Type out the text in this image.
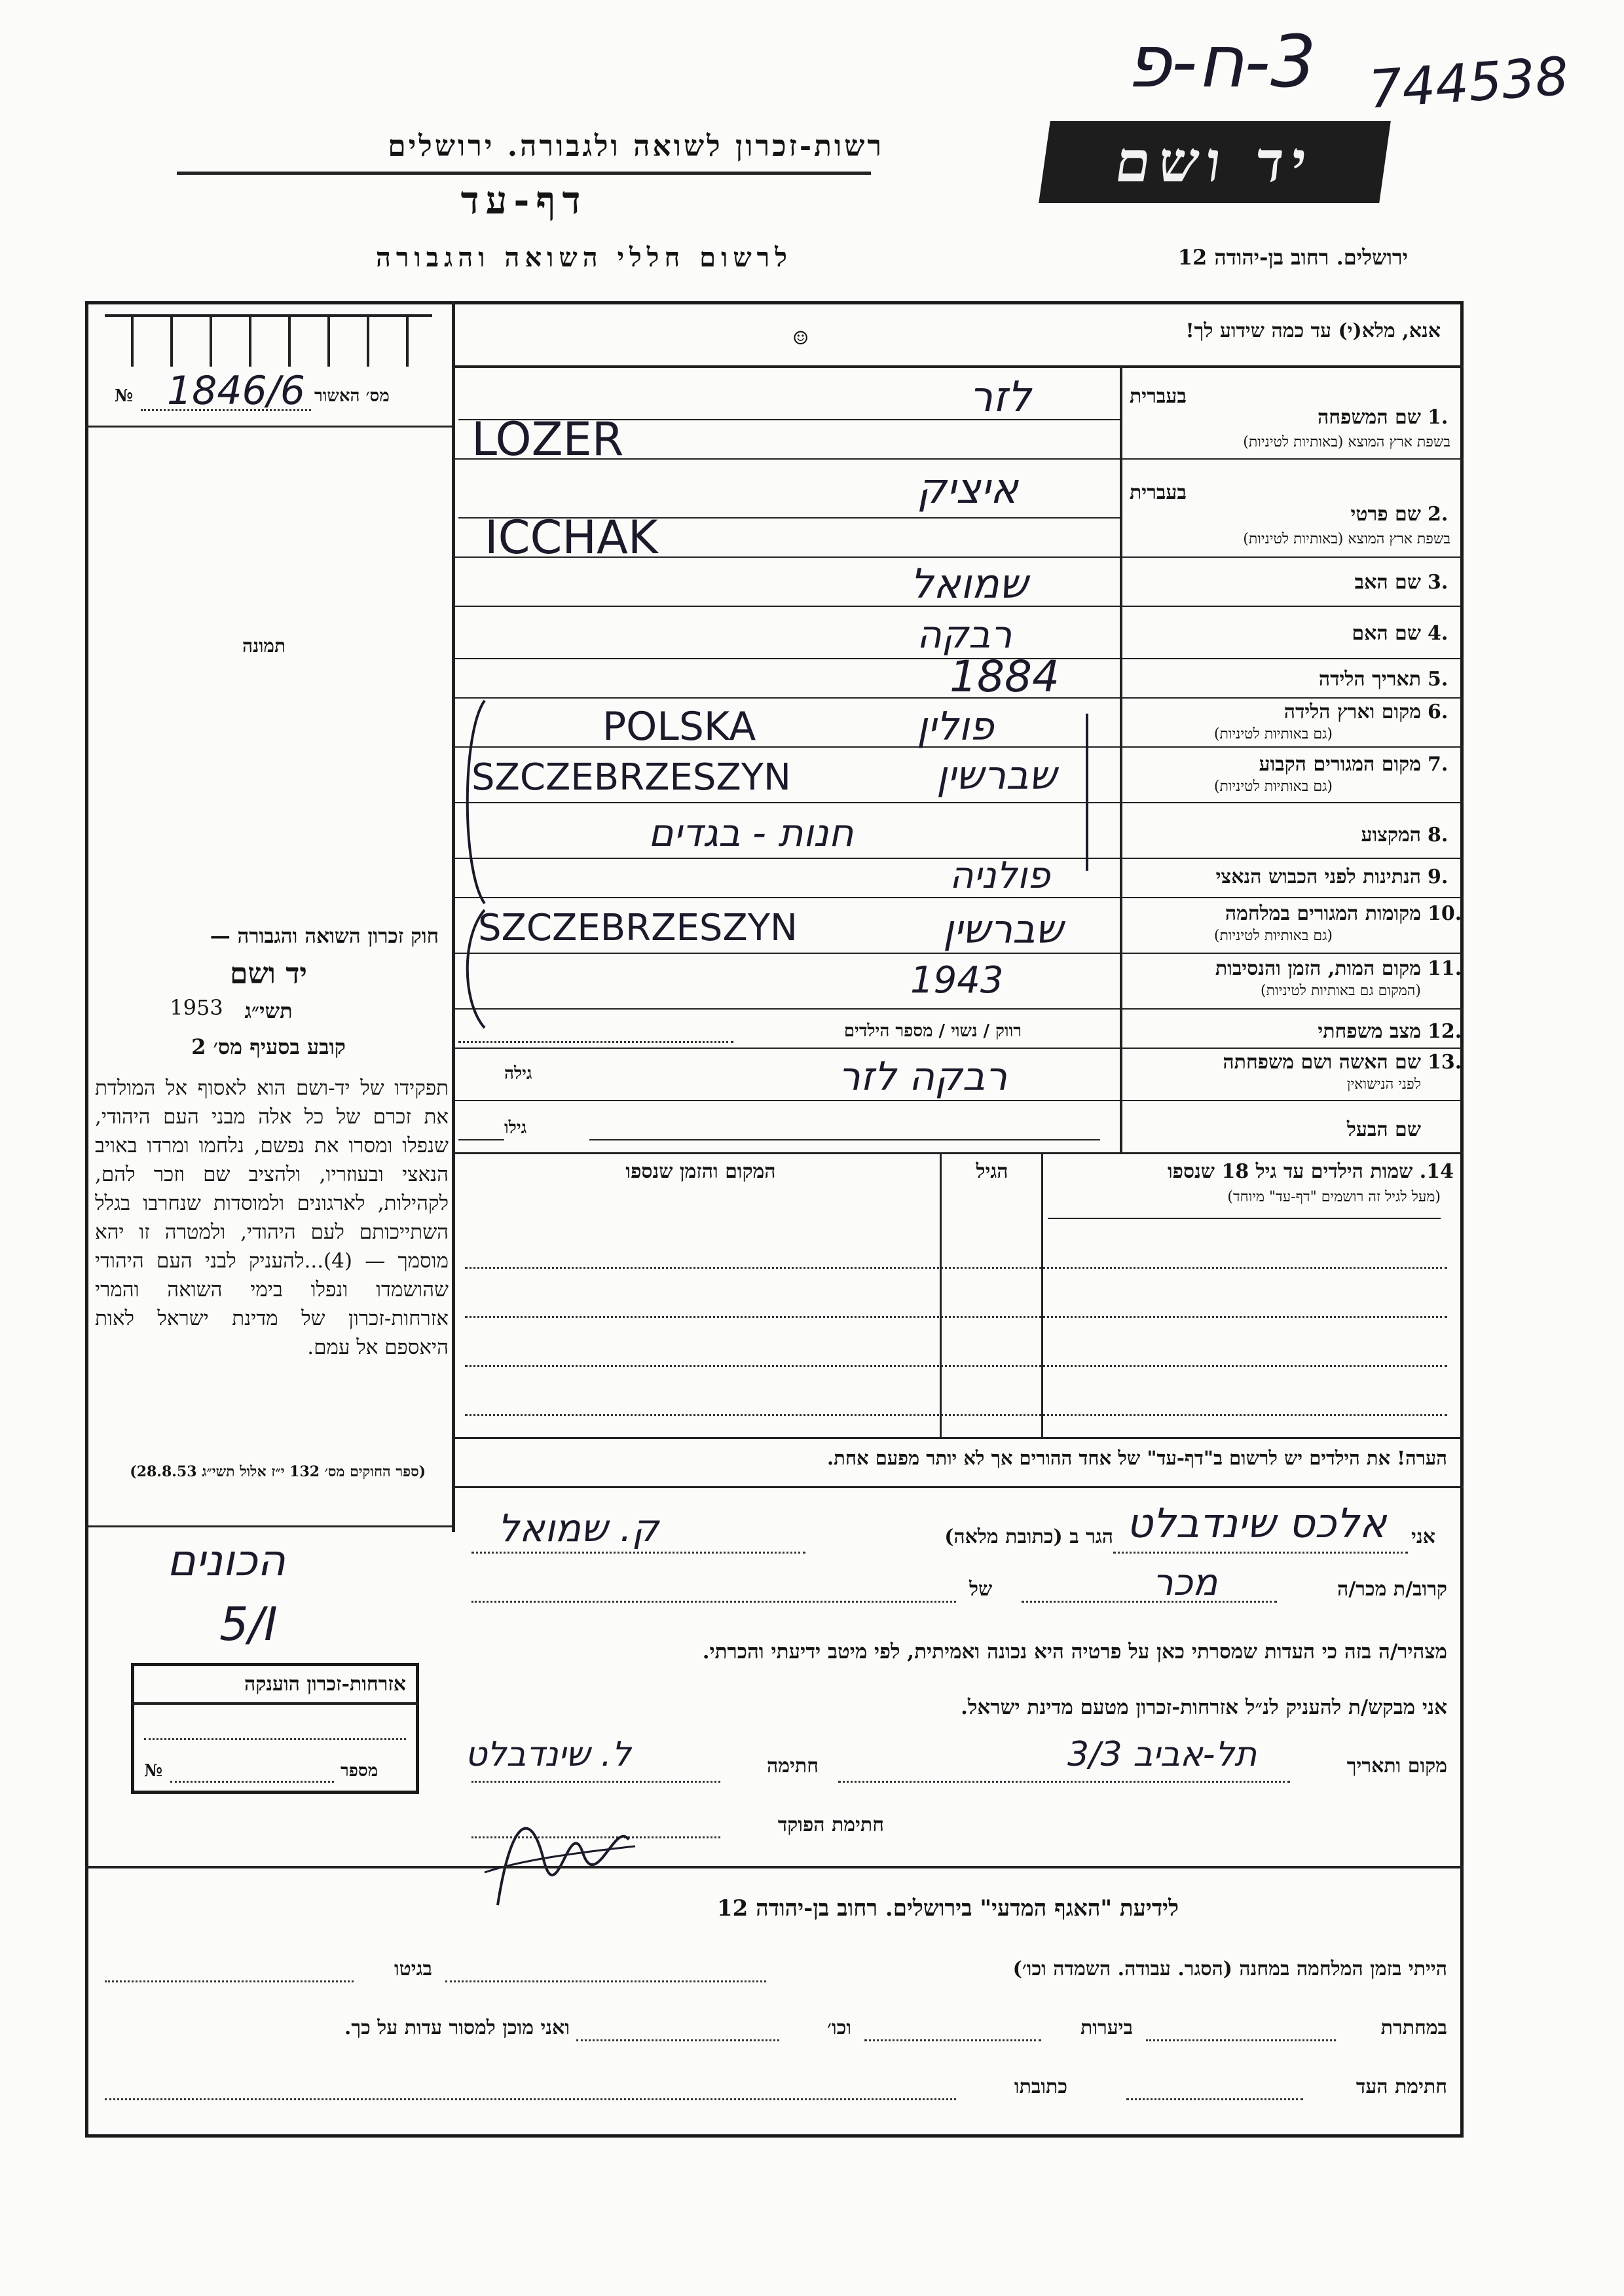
3-ח-פ 744538
רשות-זכרון לשואה ולגבורה. ירושלים
דף-עד
לרשום חללי השואה והגבורה
יד ושם
ירושלים. רחוב בן-יהודה 12
אנא, מלא(י) עד כמה שידוע לך!
☺
מס׳ האשור
1846/6
№
תמונה
בעברית
שם המשפחה 1.
בשפת ארץ המוצא (באותיות לטיניות)
בעברית
שם פרטי 2.
בשפת ארץ המוצא (באותיות לטיניות)
שם האב 3.
שם האם 4.
תאריך הלידה 5.
מקום וארץ הלידה 6.
(גם באותיות לטיניות)
מקום המגורים הקבוע 7.
(גם באותיות לטיניות)
המקצוע 8.
הנתינות לפני הכבוש הנאצי 9.
מקומות המגורים במלחמה 10.
(גם באותיות לטיניות)
מקום המות, הזמן והנסיבות 11.
(המקום גם באותיות לטיניות)
מצב משפחתי 12.
רווק / נשוי / מספר הילדים
שם האשה ושם משפחתה 13.
לפני הנישואין
גילה
שם הבעל
גילו
14. שמות הילדים עד גיל 18 שנספו
(מעל לגיל זה רושמים "דף-עד" מיוחד)
הגיל
המקום והזמן שנספו
הערה! את הילדים יש לרשום ב"דף-עד" של אחד ההורים אך לא יותר מפעם אחת.
חוק זכרון השואה והגבורה —
יד ושם
תשי״ג
1953
קובע בסעיף מס׳ 2
תפקידו של יד-ושם הוא לאסוף אל המולדת את זכרם של כל אלה מבני העם היהודי, שנפלו ומסרו את נפשם, נלחמו ומרדו באויב הנאצי ובעוזריו, ולהציב שם וזכר להם, לקהילות, לארגונים ולמוסדות שנחרבו בגלל השתייכותם לעם היהודי, ולמטרה זו יהא מוסמך — (4)...להעניק לבני העם היהודי שהושמדו ונפלו בימי השואה והמרי אזרחות-זכרון של מדינת ישראל לאות היאספם אל עמם.
(ספר החוקים מס׳ 132 י״ז אלול תשי״ג 28.8.53)
אני
אלכס שינדבלט
הגר ב (כתובת מלאה)
ק. שמואל
קרוב/ת מכר/ה
מכר
של
מצהיר/ה בזה כי העדות שמסרתי כאן על פרטיה היא נכונה ואמיתית, לפי מיטב ידיעתי והכרתי.
אני מבקש/ת להעניק לנ״ל אזרחות-זכרון מטעם מדינת ישראל.
מקום ותאריך
תל-אביב 3/3
חתימה
ל. שינדבלט
חתימת הפוקד
הכונים
5/I
אזרחות-זכרון הוענקה
מספר
№
לידיעת "האגף המדעי" בירושלים. רחוב בן-יהודה 12
הייתי בזמן המלחמה במחנה (הסגר. עבודה. השמדה וכו׳)
בגיטו
במחתרת
ביערות
וכו׳
ואני מוכן למסור עדות על כך.
חתימת העד
כתובתו
לזר
LOZER
איציק
ICCHAK
שמואל
רבקה
1884
פולין
POLSKA
שברשין
SZCZEBRZESZYN
חנות - בגדים
פולניה
שברשין
SZCZEBRZESZYN
1943
רבקה לזר
